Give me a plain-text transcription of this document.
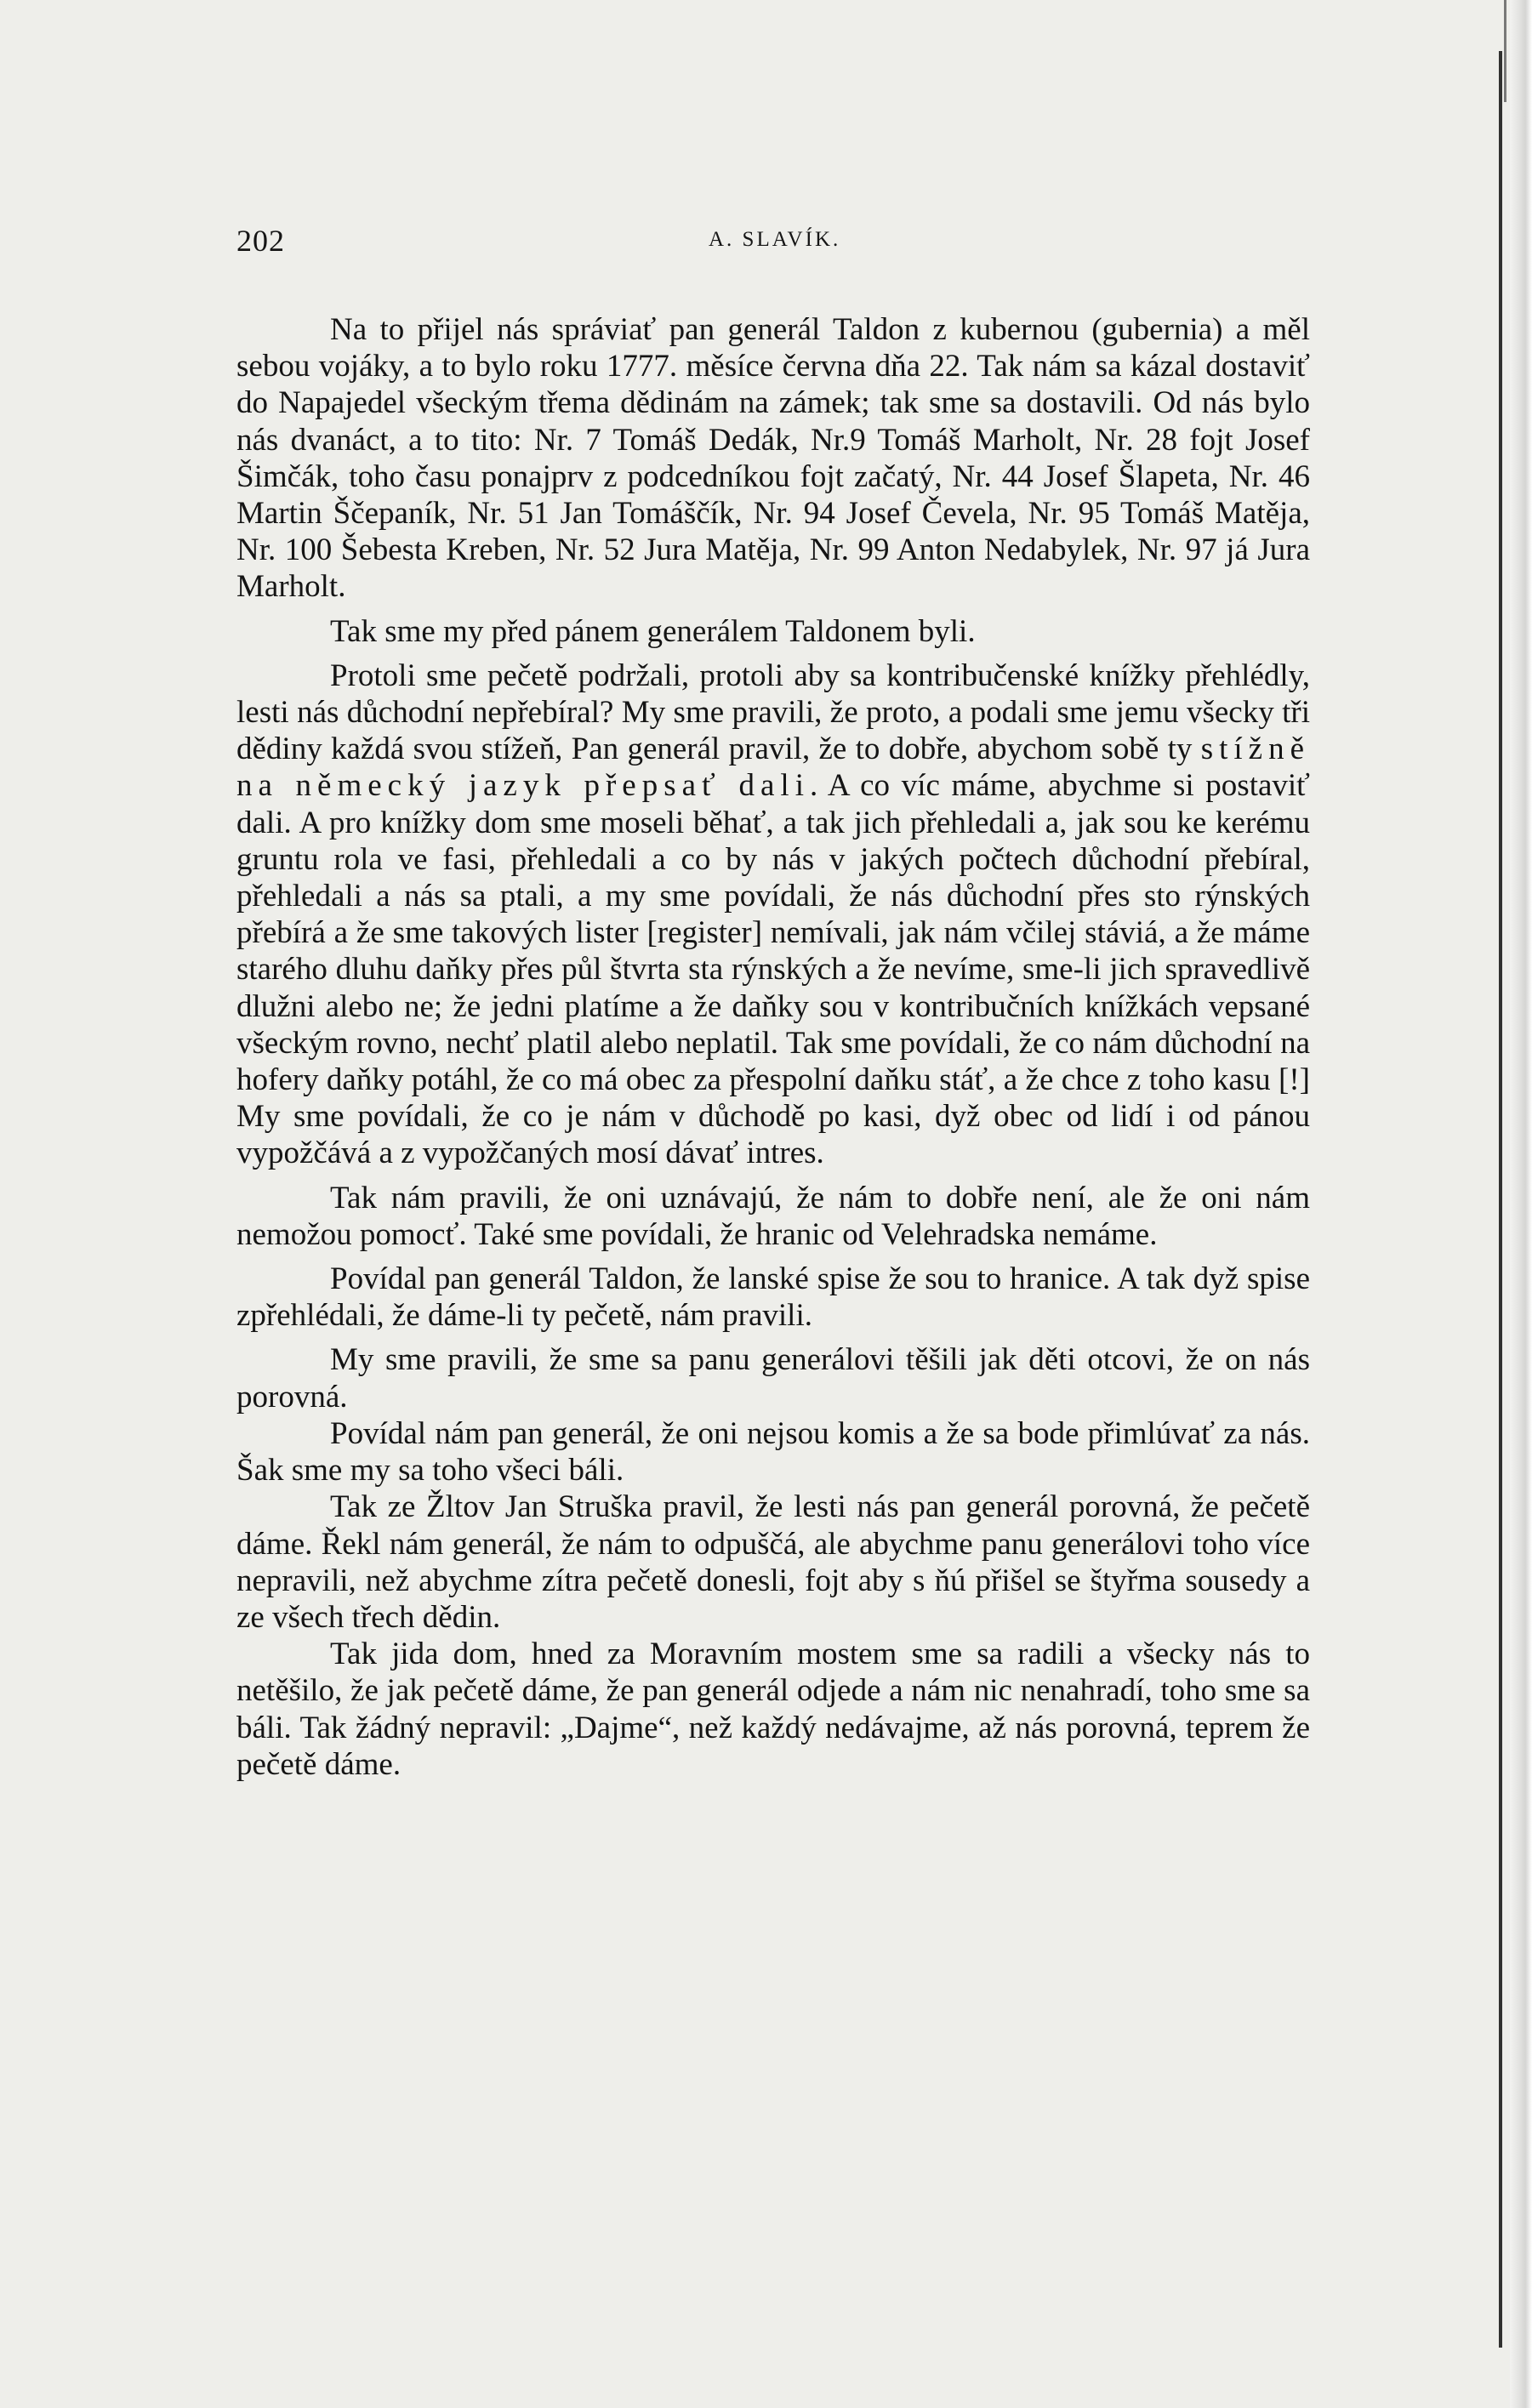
202	A. SLAVÍK.

Na to přijel nás správiať pan generál Taldon z kubernou (gubernia) a měl sebou vojáky, a to bylo roku 1777. měsíce června dňa 22. Tak nám sa kázal dostaviť do Napajedel všeckým třema dědinám na zámek; tak sme sa dostavili. Od nás bylo nás dvanáct, a to tito: Nr. 7 Tomáš Dedák, Nr.9 Tomáš Marholt, Nr. 28 fojt Josef Šimčák, toho času ponajprv z podcedníkou fojt začatý, Nr. 44 Josef Šlapeta, Nr. 46 Martin Ščepaník, Nr. 51 Jan Tomáščík, Nr. 94 Josef Čevela, Nr. 95 Tomáš Matěja, Nr. 100 Šebesta Kreben, Nr. 52 Jura Matěja, Nr. 99 Anton Nedabylek, Nr. 97 já Jura Marholt.

Tak sme my před pánem generálem Taldonem byli.

Protoli sme pečetě podržali, protoli aby sa kontribučenské knížky přehlédly, lesti nás důchodní nepřebíral? My sme pravili, že proto, a podali sme jemu všecky tři dědiny každá svou stížeň, Pan generál pravil, že to dobře, abychom sobě ty stížně na německý jazyk přepsať dali. A co víc máme, abychme si postaviť dali. A pro knížky dom sme moseli běhať, a tak jich přehledali a, jak sou ke kerému gruntu rola ve fasi, přehledali a co by nás v jakých počtech důchodní přebíral, přehledali a nás sa ptali, a my sme povídali, že nás důchodní přes sto rýnských přebírá a že sme takových lister [register] nemívali, jak nám včilej stáviá, a že máme starého dluhu daňky přes půl štvrta sta rýnských a že nevíme, sme-li jich spravedlivě dlužni alebo ne; že jedni platíme a že daňky sou v kontribučních knížkách vepsané všeckým rovno, nechť platil alebo neplatil. Tak sme povídali, že co nám důchodní na hofery daňky potáhl, že co má obec za přespolní daňku stáť, a že chce z toho kasu [!] My sme povídali, že co je nám v důchodě po kasi, dyž obec od lidí i od pánou vypožčává a z vypožčaných mosí dávať intres.

Tak nám pravili, že oni uznávajú, že nám to dobře není, ale že oni nám nemožou pomocť. Také sme povídali, že hranic od Velehradska nemáme.

Povídal pan generál Taldon, že lanské spise že sou to hranice. A tak dyž spise zpřehlédali, že dáme-li ty pečetě, nám pravili.

My sme pravili, že sme sa panu generálovi těšili jak děti otcovi, že on nás porovná.

Povídal nám pan generál, že oni nejsou komis a že sa bode přimlúvať za nás. Šak sme my sa toho všeci báli.

Tak ze Žltov Jan Struška pravil, že lesti nás pan generál porovná, že pečetě dáme. Řekl nám generál, že nám to odpuščá, ale abychme panu generálovi toho více nepravili, než abychme zítra pečetě donesli, fojt aby s ňú přišel se štyřma sousedy a ze všech třech dědin.

Tak jida dom, hned za Moravním mostem sme sa radili a všecky nás to netěšilo, že jak pečetě dáme, že pan generál odjede a nám nic nenahradí, toho sme sa báli. Tak žádný nepravil: „Dajme“, než každý nedávajme, až nás porovná, teprem že pečetě dáme.
